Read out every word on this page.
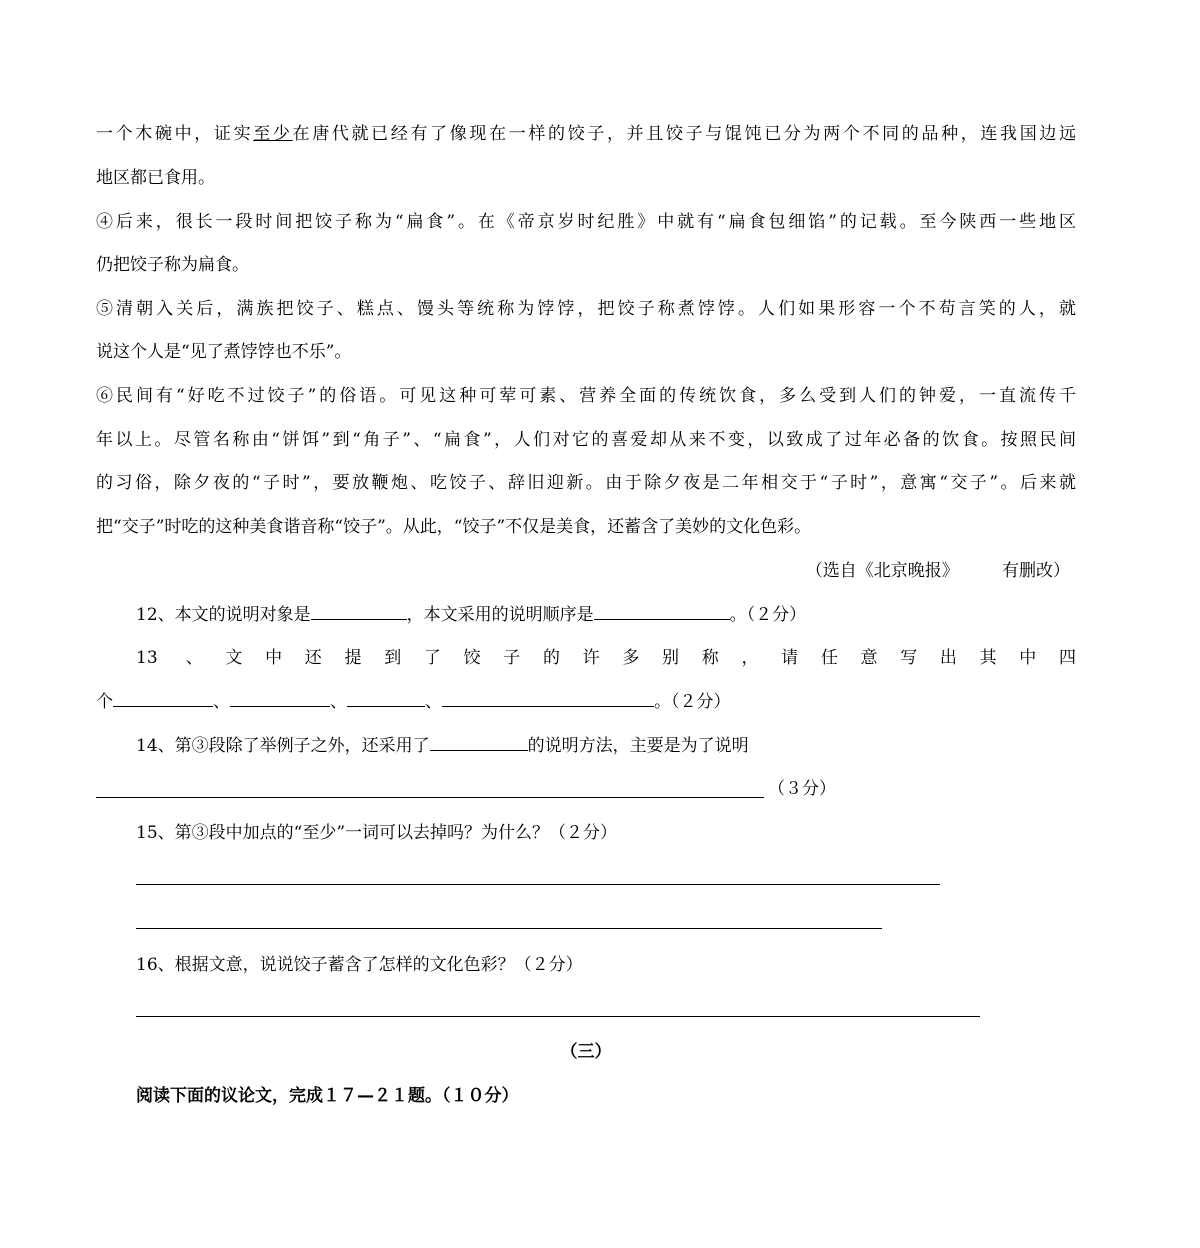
一个木碗中，证实至少在唐代就已经有了像现在一样的饺子，并且饺子与馄饨已分为两个不同的品种，连我国边远
地区都已食用。
④后来，很长一段时间把饺子称为“扁食”。在《帝京岁时纪胜》中就有“扁食包细馅”的记载。至今陕西一些地区
仍把饺子称为扁食。
⑤清朝入关后，满族把饺子、糕点、馒头等统称为饽饽，把饺子称煮饽饽。人们如果形容一个不苟言笑的人，就
说这个人是“见了煮饽饽也不乐”。
⑥民间有“好吃不过饺子”的俗语。可见这种可荤可素、营养全面的传统饮食，多么受到人们的钟爱，一直流传千
年以上。尽管名称由“饼饵”到“角子”、“扁食”，人们对它的喜爱却从来不变，以致成了过年必备的饮食。按照民间
的习俗，除夕夜的“子时”，要放鞭炮、吃饺子、辞旧迎新。由于除夕夜是二年相交于“子时”，意寓“交子”。后来就
把“交子”时吃的这种美食谐音称“饺子”。从此，“饺子”不仅是美食，还蓄含了美妙的文化色彩。
（选自《北京晚报》        有删改）
12、本文的说明对象是	，本文采用的说明顺序是	。（２分）
13 、文中还提到了饺子的许多别称，请任意写出其中四
个	、	、	、	。（２分）
14、第③段除了举例子之外，还采用了	的说明方法，主要是为了说明
（３分）
15、第③段中加点的“至少”一词可以去掉吗？为什么？（２分）
16、根据文意，说说饺子蓄含了怎样的文化色彩？（２分）
（三）
阅读下面的议论文，完成１７—２１题。（１０分）
